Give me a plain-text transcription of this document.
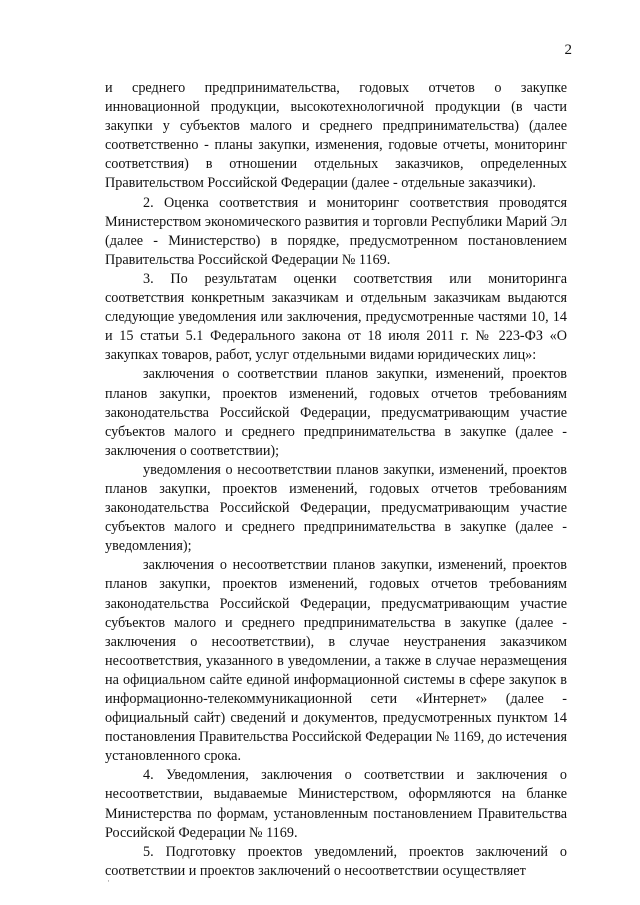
2

и среднего предпринимательства, годовых отчетов о закупке инновационной продукции, высокотехнологичной продукции (в части закупки у субъектов малого и среднего предпринимательства) (далее соответственно - планы закупки, изменения, годовые отчеты, мониторинг соответствия) в отношении отдельных заказчиков, определенных Правительством Российской Федерации (далее - отдельные заказчики).

2. Оценка соответствия и мониторинг соответствия проводятся Министерством экономического развития и торговли Республики Марий Эл (далее - Министерство) в порядке, предусмотренном постановлением Правительства Российской Федерации № 1169.

3. По результатам оценки соответствия или мониторинга соответствия конкретным заказчикам и отдельным заказчикам выдаются следующие уведомления или заключения, предусмотренные частями 10, 14 и 15 статьи 5.1 Федерального закона от 18 июля 2011 г. № 223-ФЗ «О закупках товаров, работ, услуг отдельными видами юридических лиц»:

заключения о соответствии планов закупки, изменений, проектов планов закупки, проектов изменений, годовых отчетов требованиям законодательства Российской Федерации, предусматривающим участие субъектов малого и среднего предпринимательства в закупке (далее - заключения о соответствии);

уведомления о несоответствии планов закупки, изменений, проектов планов закупки, проектов изменений, годовых отчетов требованиям законодательства Российской Федерации, предусматривающим участие субъектов малого и среднего предпринимательства в закупке (далее - уведомления);

заключения о несоответствии планов закупки, изменений, проектов планов закупки, проектов изменений, годовых отчетов требованиям законодательства Российской Федерации, предусматривающим участие субъектов малого и среднего предпринимательства в закупке (далее - заключения о несоответствии), в случае неустранения заказчиком несоответствия, указанного в уведомлении, а также в случае неразмещения на официальном сайте единой информационной системы в сфере закупок в информационно-телекоммуникационной сети «Интернет» (далее - официальный сайт) сведений и документов, предусмотренных пунктом 14 постановления Правительства Российской Федерации № 1169, до истечения установленного срока.

4. Уведомления, заключения о соответствии и заключения о несоответствии, выдаваемые Министерством, оформляются на бланке Министерства по формам, установленным постановлением Правительства Российской Федерации № 1169.

5. Подготовку проектов уведомлений, проектов заключений о соответствии и проектов заключений о несоответствии осуществляет

·
